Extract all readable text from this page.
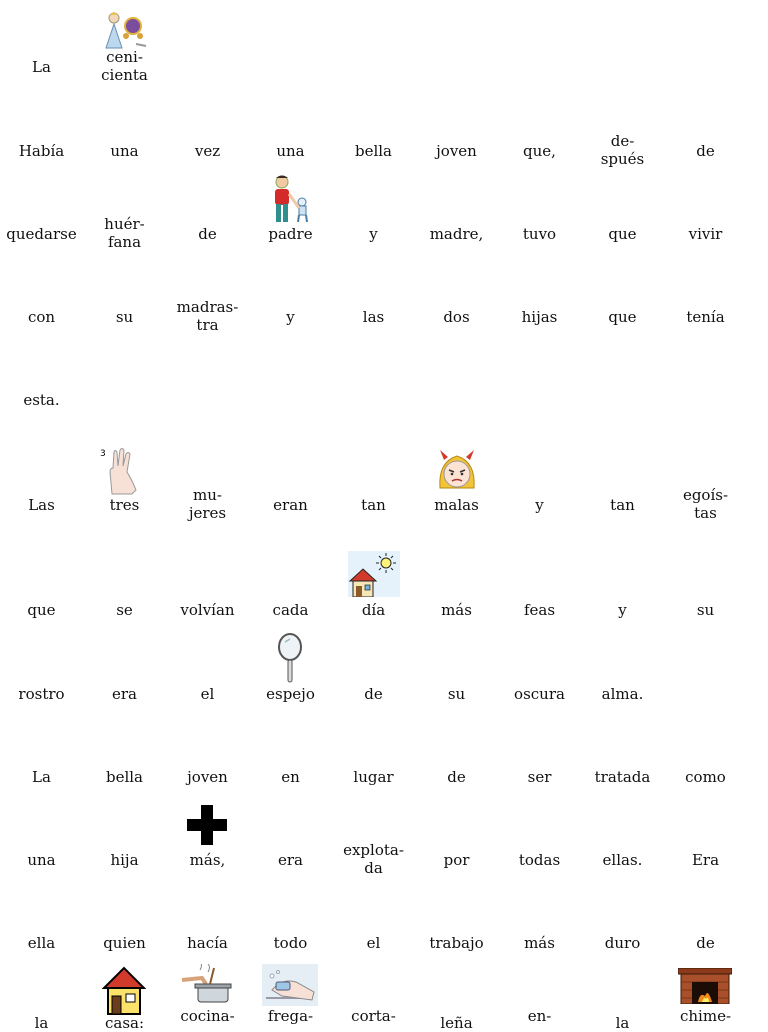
La
ceni-
cienta
Había	una	vez	una	bella	joven	que,
de-
spués	de
quedarse
huér-
fana	de	padre	y	madre,	tuvo	que	vivir
con	su
madras-
tra	y	las	dos	hijas	que	tenía
esta.
Las
3
tres
mu-
jeres	eran	tan	malas	y	tan
egoís-
tas
que	se	volvían	cada	día	más	feas	y	su
rostro	era	el	espejo	de	su	oscura	alma.
La	bella	joven	en	lugar	de	ser	tratada	como
una	hija	más,	era
explota-
da	por	todas	ellas.	Era
ella	quien	hacía	todo	el	trabajo	más	duro	de
la	casa:	cocina-	frega-	corta-	leña	en-	la	chime-
